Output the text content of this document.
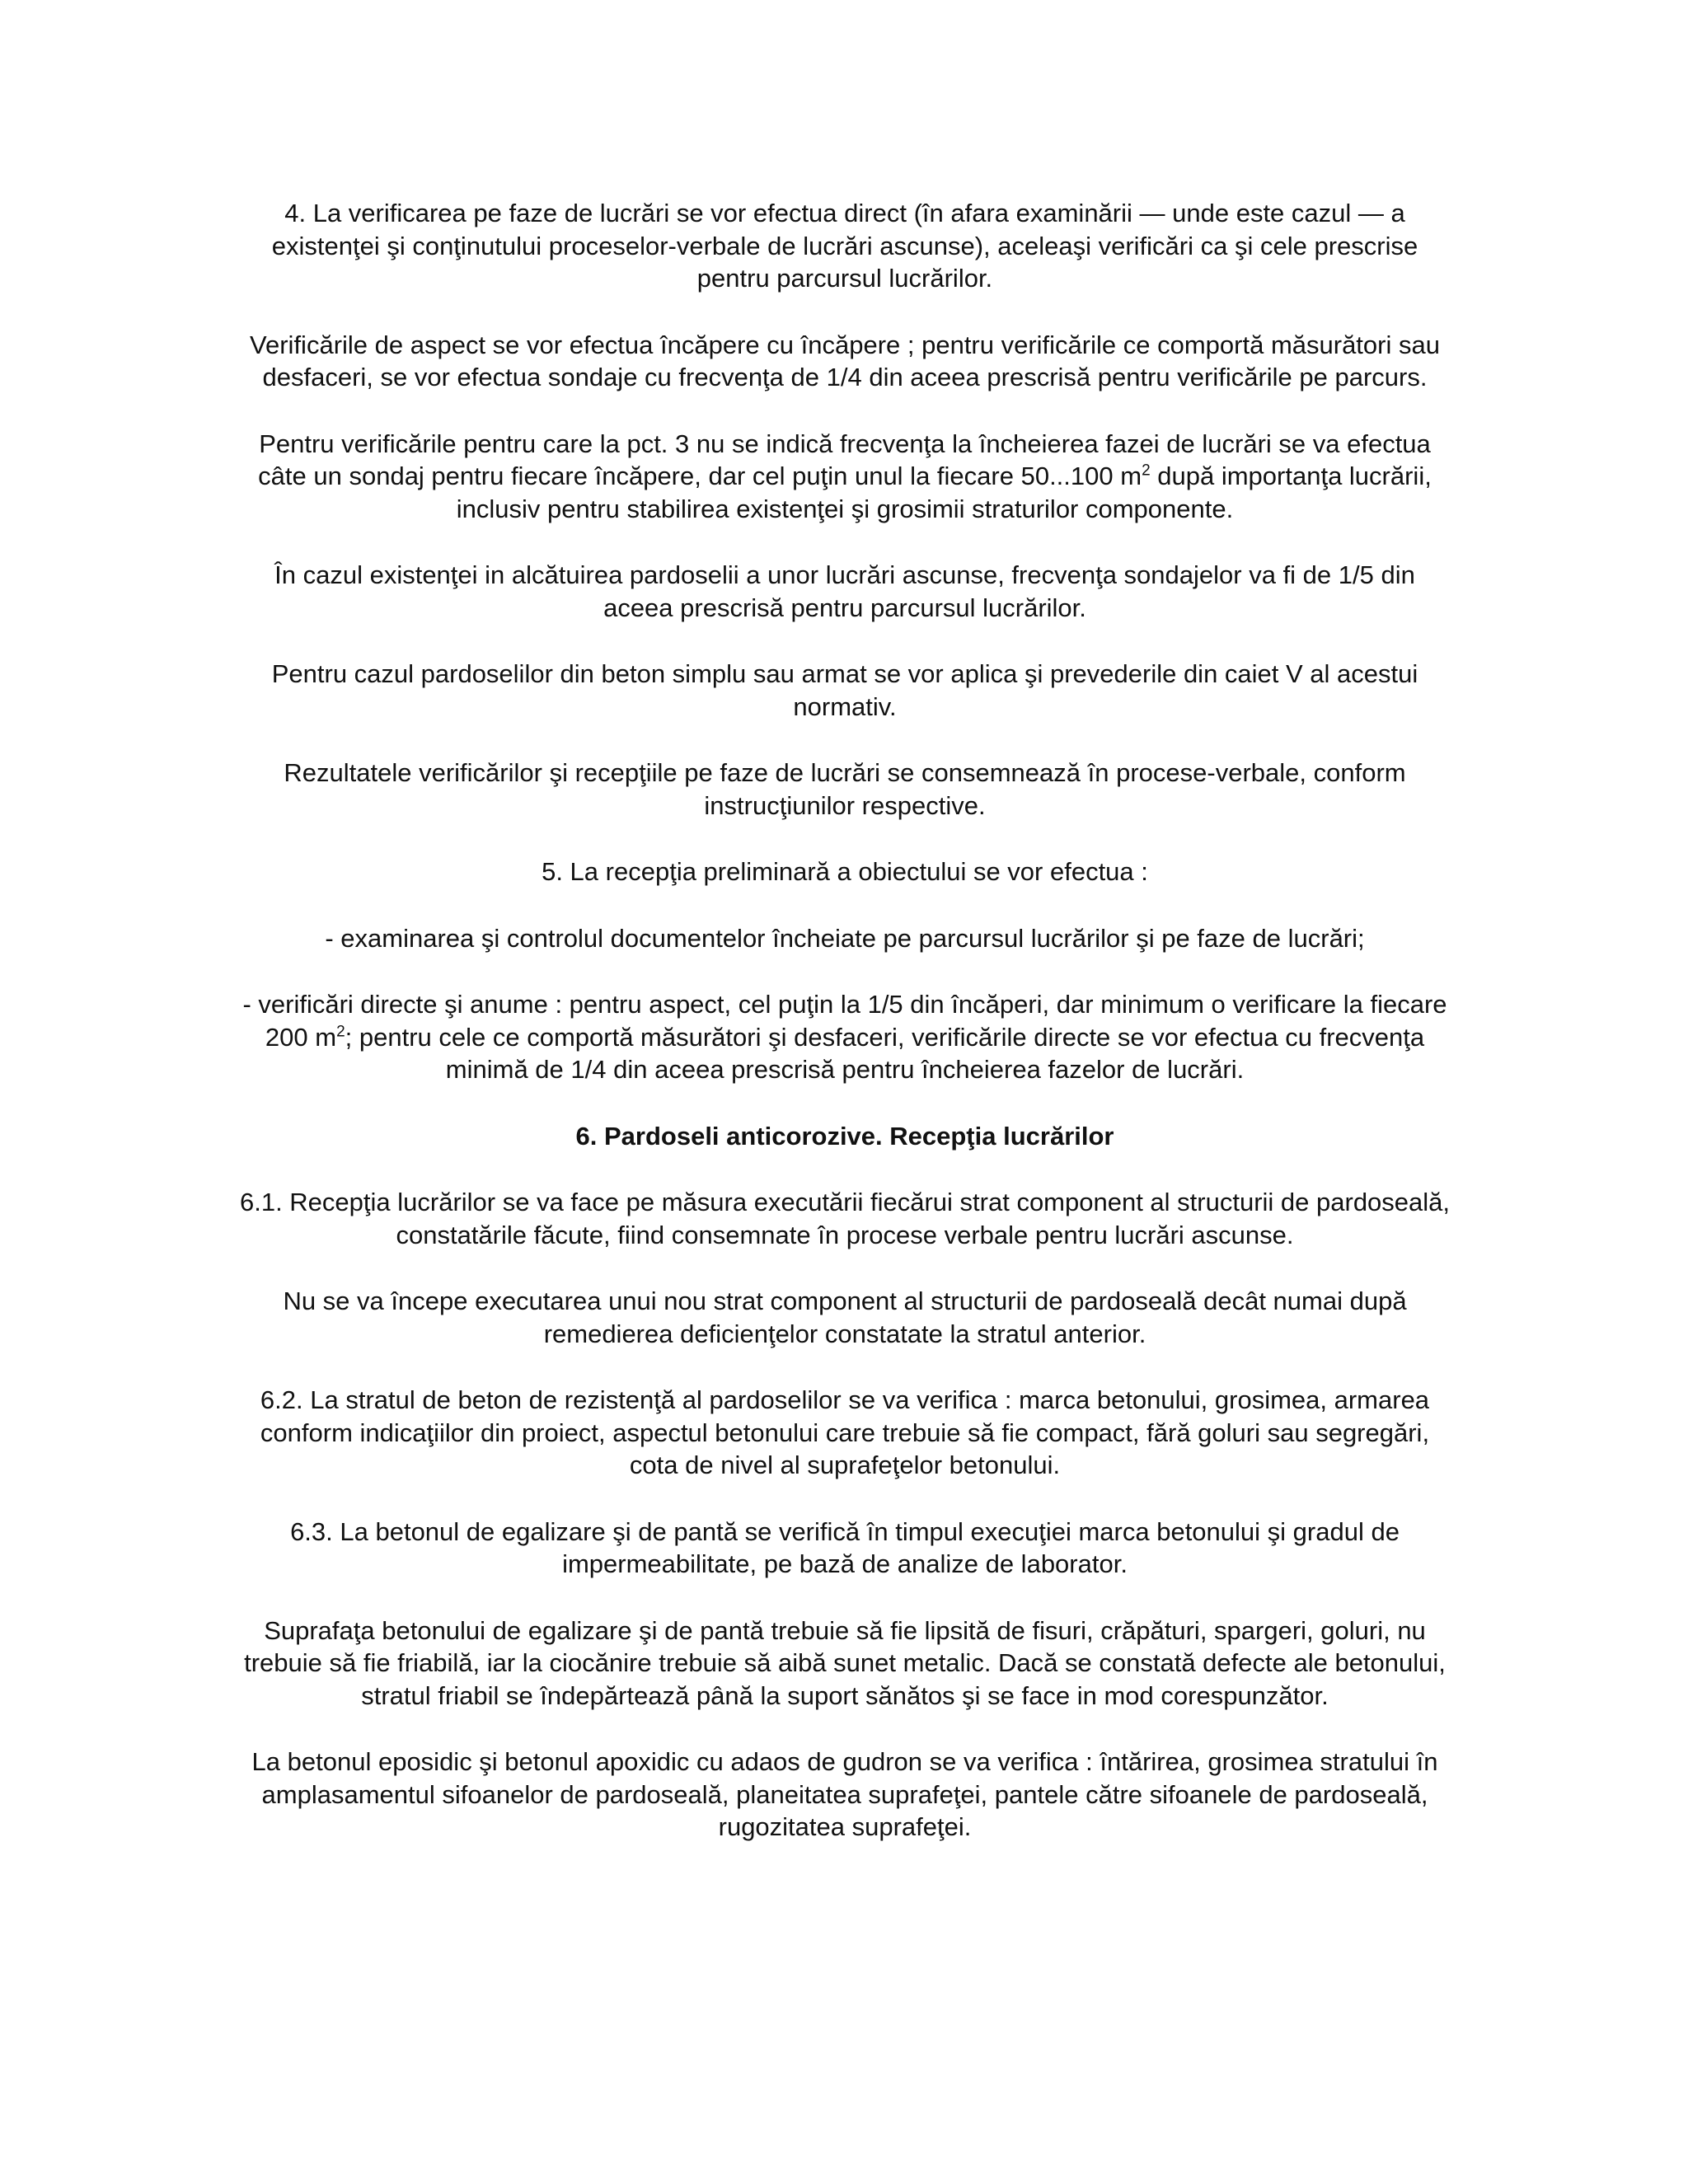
4. La verificarea pe faze de lucrări se vor efectua direct (în afara examinării — unde este cazul — a existenţei şi conţinutului proceselor-verbale de lucrări ascunse), aceleaşi verificări ca şi cele prescrise pentru parcursul lucrărilor.

Verificările de aspect se vor efectua încăpere cu încăpere ; pentru verificările ce comportă măsurători sau desfaceri, se vor efectua sondaje cu frecvenţa de 1/4 din aceea prescrisă pentru verificările pe parcurs.

Pentru verificările pentru care la pct. 3 nu se indică frecvenţa la încheierea fazei de lucrări se va efectua câte un sondaj pentru fiecare încăpere, dar cel puţin unul la fiecare 50...100 $m^2$ după importanţa lucrării, inclusiv pentru stabilirea existenţei şi grosimii straturilor componente.

În cazul existenţei in alcătuirea pardoselii a unor lucrări ascunse, frecvenţa sondajelor va fi de 1/5 din aceea prescrisă pentru parcursul lucrărilor.

Pentru cazul pardoselilor din beton simplu sau armat se vor aplica şi prevederile din caiet V al acestui normativ.

Rezultatele verificărilor şi recepţiile pe faze de lucrări se consemnează în procese-verbale, conform instrucţiunilor respective.

5. La recepţia preliminară a obiectului se vor efectua :

- examinarea şi controlul documentelor încheiate pe parcursul lucrărilor şi pe faze de lucrări;

- verificări directe şi anume : pentru aspect, cel puţin la 1/5 din încăperi, dar minimum o verificare la fiecare 200 $m^2$; pentru cele ce comportă măsurători şi desfaceri, verificările directe se vor efectua cu frecvenţa minimă de 1/4 din aceea prescrisă pentru încheierea fazelor de lucrări.

6. Pardoseli anticorozive. Recepţia lucrărilor

6.1. Recepţia lucrărilor se va face pe măsura executării fiecărui strat component al structurii de pardoseală, constatările făcute, fiind consemnate în procese verbale pentru lucrări ascunse.

Nu se va începe executarea unui nou strat component al structurii de pardoseală decât numai după remedierea deficienţelor constatate la stratul anterior.

6.2. La stratul de beton de rezistenţă al pardoselilor se va verifica : marca betonului, grosimea, armarea conform indicaţiilor din proiect, aspectul betonului care trebuie să fie compact, fără goluri sau segregări, cota de nivel al suprafeţelor betonului.

6.3. La betonul de egalizare şi de pantă se verifică în timpul execuţiei marca betonului şi gradul de impermeabilitate, pe bază de analize de laborator.

Suprafaţa betonului de egalizare şi de pantă trebuie să fie lipsită de fisuri, crăpături, spargeri, goluri, nu trebuie să fie friabilă, iar la ciocănire trebuie să aibă sunet metalic. Dacă se constată defecte ale betonului, stratul friabil se îndepărtează până la suport sănătos şi se face in mod corespunzător.

La betonul eposidic şi betonul apoxidic cu adaos de gudron se va verifica : întărirea, grosimea stratului în amplasamentul sifoanelor de pardoseală, planeitatea suprafeţei, pantele către sifoanele de pardoseală, rugozitatea suprafeţei.
